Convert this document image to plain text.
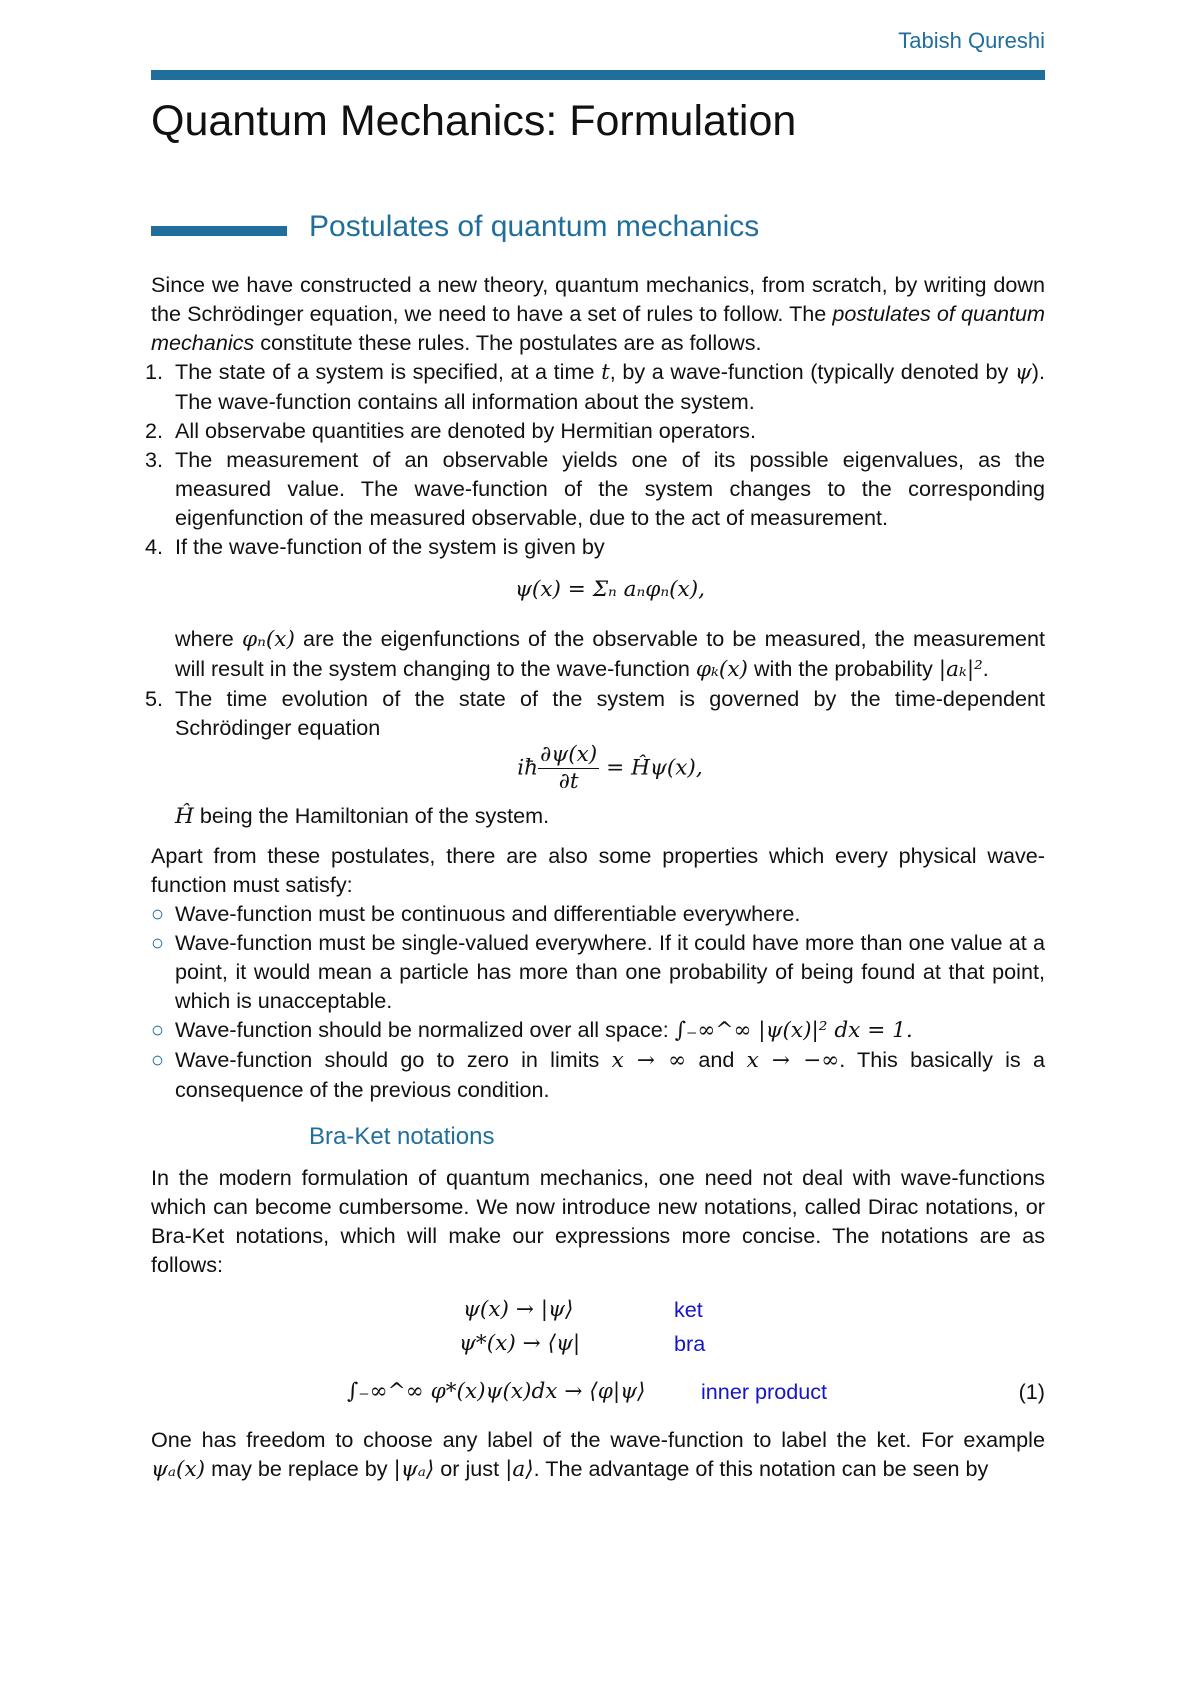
Tabish Qureshi
Quantum Mechanics: Formulation
Postulates of quantum mechanics

Since we have constructed a new theory, quantum mechanics, from scratch, by writing down the Schrödinger equation, we need to have a set of rules to follow. The postulates of quantum mechanics constitute these rules. The postulates are as follows.

1. The state of a system is specified, at a time t, by a wave-function (typically denoted by ψ). The wave-function contains all information about the system.
2. All observabe quantities are denoted by Hermitian operators.
3. The measurement of an observable yields one of its possible eigenvalues, as the measured value. The wave-function of the system changes to the corresponding eigenfunction of the measured observable, due to the act of measurement.
4. If the wave-function of the system is given by
ψ(x) = Σₙ aₙφₙ(x),
where φₙ(x) are the eigenfunctions of the observable to be measured, the measurement will result in the system changing to the wave-function φₖ(x) with the probability |aₖ|².
5. The time evolution of the state of the system is governed by the time-dependent Schrödinger equation
iħ $\frac{\partial\psi(x)}{\partial t}$ = Ĥψ(x),
Ĥ being the Hamiltonian of the system.

Apart from these postulates, there are also some properties which every physical wave-function must satisfy:

○ Wave-function must be continuous and differentiable everywhere.
○ Wave-function must be single-valued everywhere. If it could have more than one value at a point, it would mean a particle has more than one probability of being found at that point, which is unacceptable.
○ Wave-function should be normalized over all space: ∫₋∞^∞ |ψ(x)|² dx = 1.
○ Wave-function should go to zero in limits x → ∞ and x → −∞. This basically is a consequence of the previous condition.
Bra-Ket notations

In the modern formulation of quantum mechanics, one need not deal with wave-functions which can become cumbersome. We now introduce new notations, called Dirac notations, or Bra-Ket notations, which will make our expressions more concise. The notations are as follows:

ψ(x) → |ψ⟩	ket
ψ*(x) → ⟨ψ|	bra
∫₋∞^∞ φ*(x)ψ(x)dx → ⟨φ|ψ⟩	inner product	(1)

One has freedom to choose any label of the wave-function to label the ket. For example ψₐ(x) may be replace by |ψₐ⟩ or just |a⟩. The advantage of this notation can be seen by
